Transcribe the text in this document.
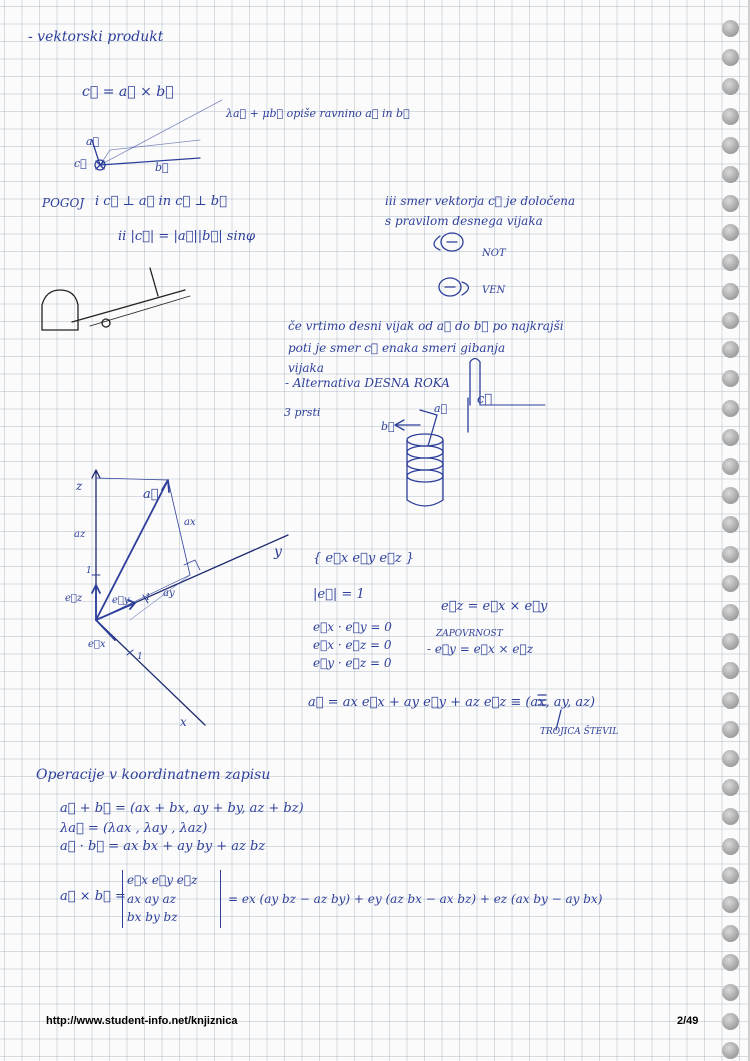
- vektorski produkt
c⃗ = a⃗ × b⃗
λa⃗ + μb⃗ opiše ravnino a⃗ in b⃗
a⃗
b⃗
c⃗
POGOJ i c⃗ ⊥ a⃗ in c⃗ ⊥ b⃗
ii |c⃗| = |a⃗||b⃗| sinφ
iii smer vektorja c⃗ je določena
s pravilom desnega vijaka
NOT
VEN
če vrtimo desni vijak od a⃗ do b⃗ po najkrajši
poti je smer c⃗ enaka smeri gibanja
vijaka
- Alternativa DESNA ROKA
3 prsti	a⃗
b⃗
c⃗
z
y
x
a⃗
az
ax
ay
e⃗z	e⃗y
e⃗x
1
1
1
{ e⃗x e⃗y e⃗z }
|e⃗| = 1
e⃗x · e⃗y = 0
e⃗x · e⃗z = 0
e⃗y · e⃗z = 0
e⃗z = e⃗x × e⃗y
ZAPOVRNOST
- e⃗y = e⃗x × e⃗z
a⃗ = ax e⃗x + ay e⃗y + az e⃗z ≡ (ax, ay, az)
TROJICA ŠTEVIL
Operacije v koordinatnem zapisu
a⃗ + b⃗ = (ax + bx, ay + by, az + bz)
λa⃗ = (λax , λay , λaz)
a⃗ · b⃗ = ax bx + ay by + az bz
a⃗ × b⃗ =
e⃗x e⃗y e⃗z
ax ay az
bx by bz
= ex (ay bz − az by) + ey (az bx − ax bz) + ez (ax by − ay bx)
http://www.student-info.net/knjiznica	2/49
